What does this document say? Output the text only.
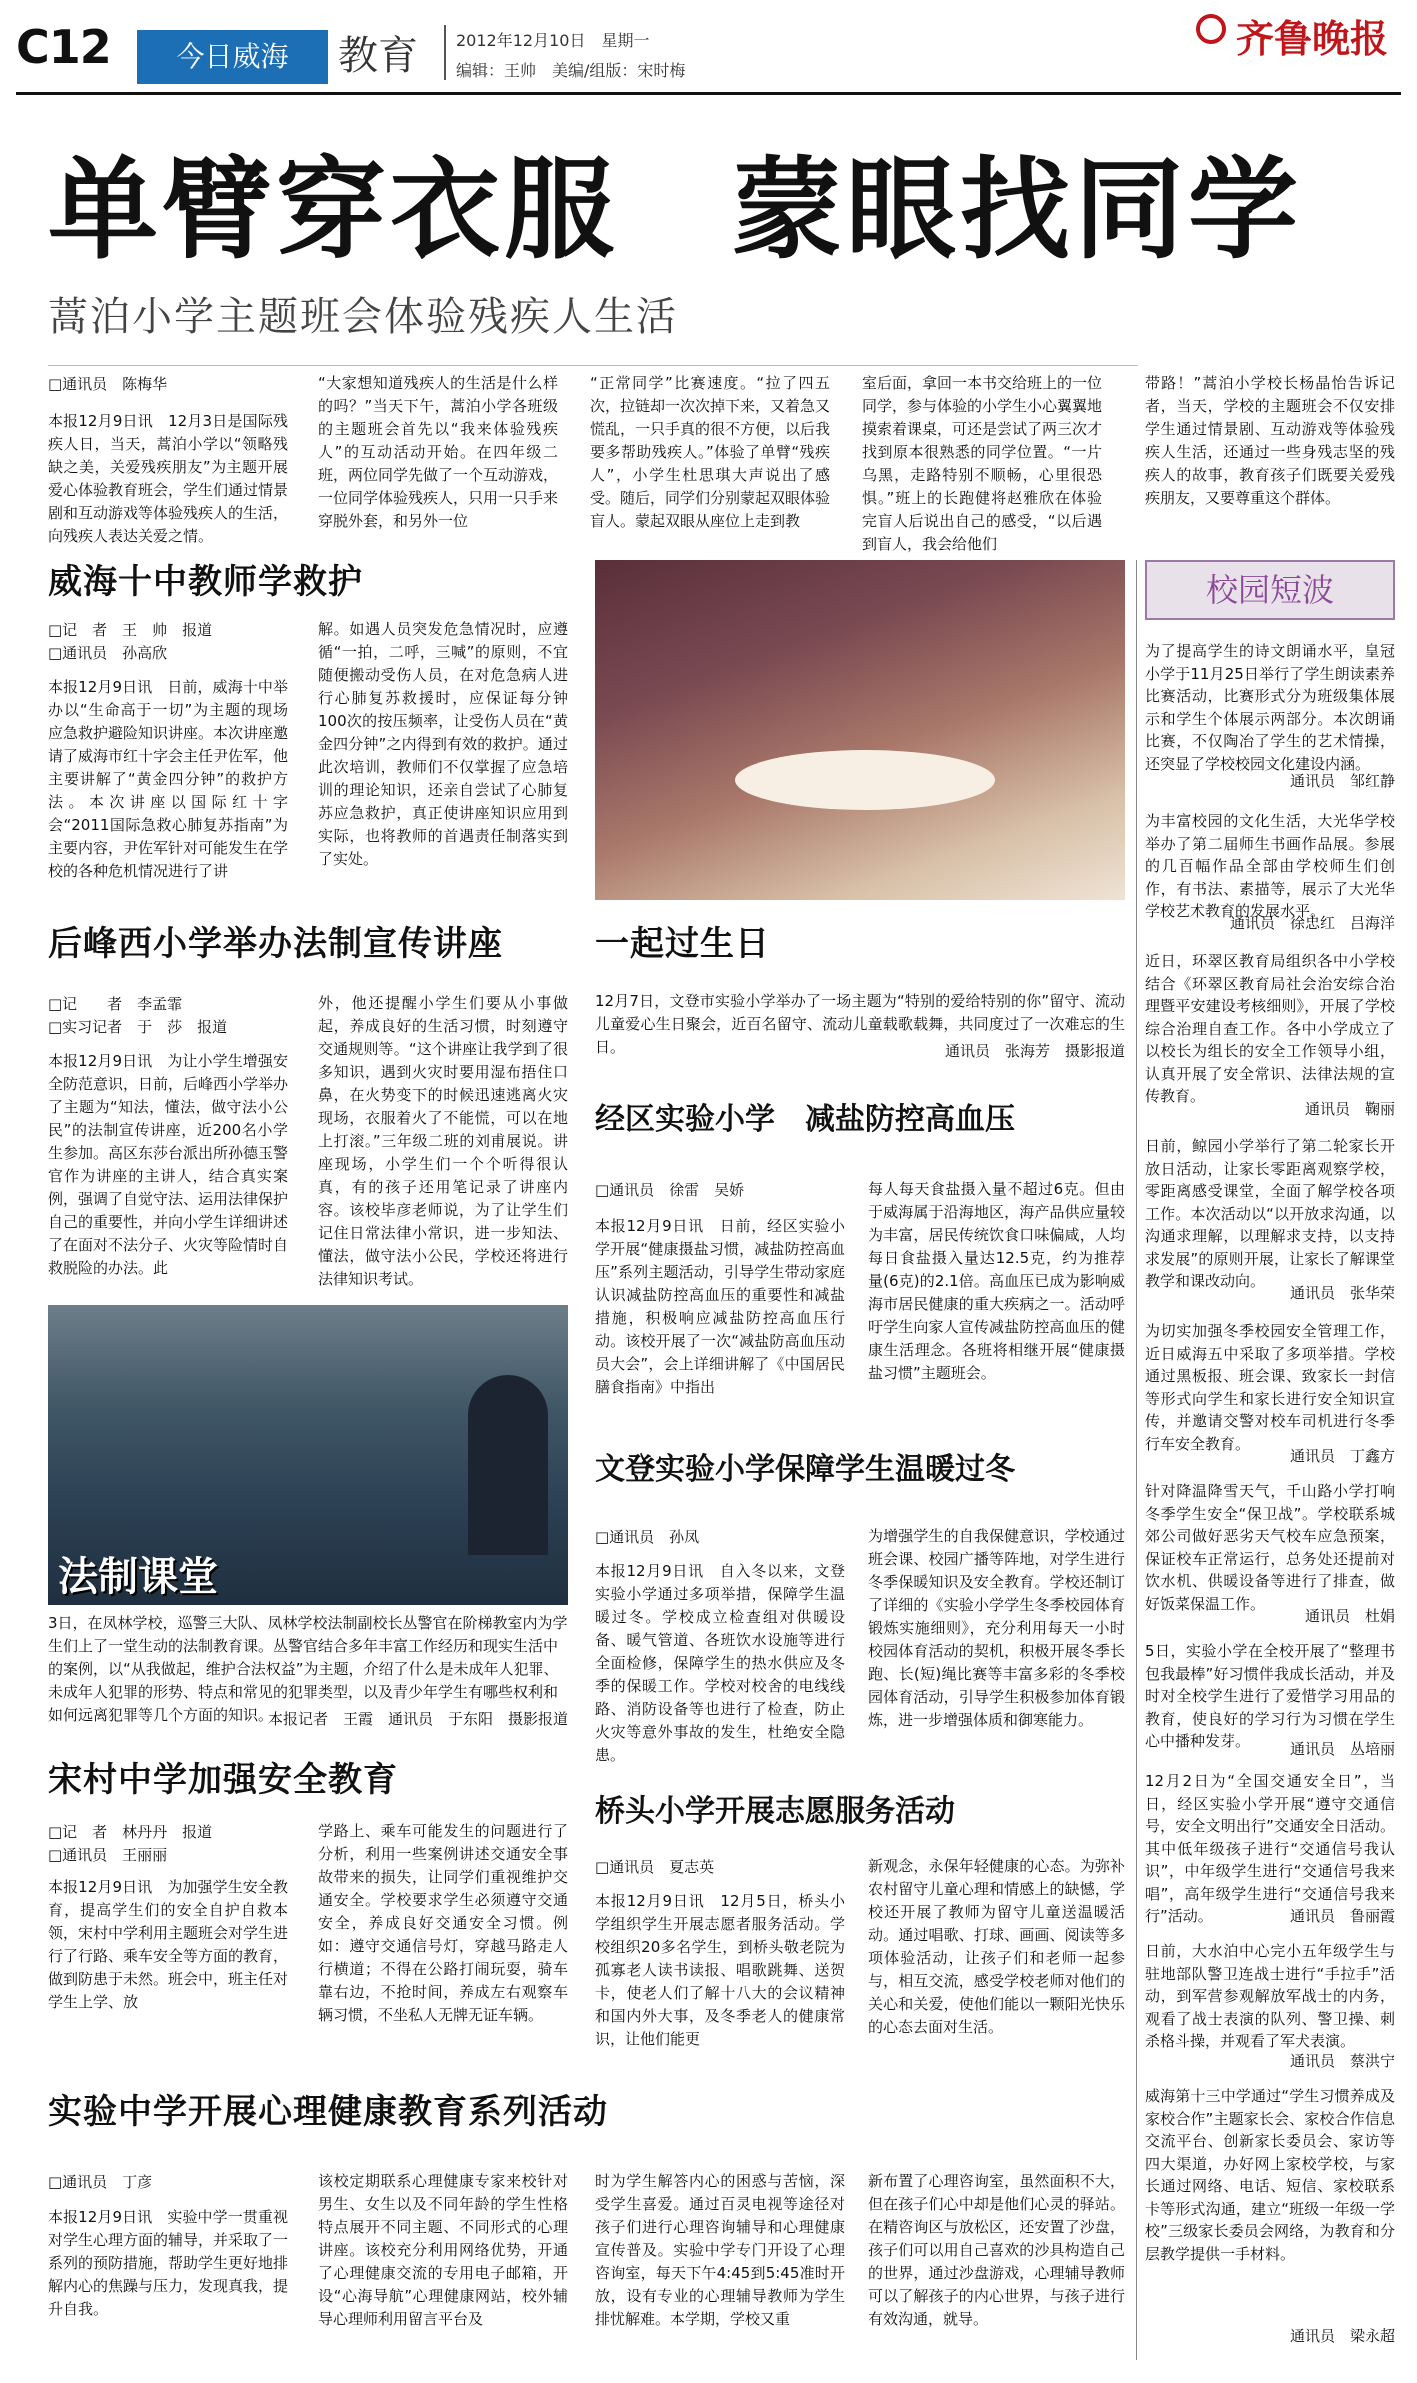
C12	今日威海	教育 2012年12月10日　星期一
编辑：王帅　美编/组版：宋时梅
齐鲁晚报
单臂穿衣服　蒙眼找同学
蒿泊小学主题班会体验残疾人生活
□通讯员　陈梅华
本报12月9日讯　12月3日是国际残疾人日，当天，蒿泊小学以“领略残缺之美，关爱残疾朋友”为主题开展爱心体验教育班会，学生们通过情景剧和互动游戏等体验残疾人的生活，向残疾人表达关爱之情。
“大家想知道残疾人的生活是什么样的吗？”当天下午，蒿泊小学各班级的主题班会首先以“我来体验残疾人”的互动活动开始。在四年级二班，两位同学先做了一个互动游戏，一位同学体验残疾人，只用一只手来穿脱外套，和另外一位
“正常同学”比赛速度。“拉了四五次，拉链却一次次掉下来，又着急又慌乱，一只手真的很不方便，以后我要多帮助残疾人。”体验了单臂“残疾人”，小学生杜思琪大声说出了感受。随后，同学们分别蒙起双眼体验盲人。蒙起双眼从座位上走到教
室后面，拿回一本书交给班上的一位同学，参与体验的小学生小心翼翼地摸索着课桌，可还是尝试了两三次才找到原本很熟悉的同学位置。“一片乌黑，走路特别不顺畅，心里很恐惧。”班上的长跑健将赵雅欣在体验完盲人后说出自己的感受，“以后遇到盲人，我会给他们
带路！”蒿泊小学校长杨晶怡告诉记者，当天，学校的主题班会不仅安排学生通过情景剧、互动游戏等体验残疾人生活，还通过一些身残志坚的残疾人的故事，教育孩子们既要关爱残疾朋友，又要尊重这个群体。
威海十中教师学救护
□记　者　王　帅　报道
□通讯员　孙高欣
本报12月9日讯　日前，威海十中举办以“生命高于一切”为主题的现场应急救护避险知识讲座。本次讲座邀请了威海市红十字会主任尹佐军，他主要讲解了“黄金四分钟”的救护方法。本次讲座以国际红十字会“2011国际急救心肺复苏指南”为主要内容，尹佐军针对可能发生在学校的各种危机情况进行了讲
解。如遇人员突发危急情况时，应遵循“一拍，二呼，三喊”的原则，不宜随便搬动受伤人员，在对危急病人进行心肺复苏救援时，应保证每分钟100次的按压频率，让受伤人员在“黄金四分钟”之内得到有效的救护。通过此次培训，教师们不仅掌握了应急培训的理论知识，还亲自尝试了心肺复苏应急救护，真正使讲座知识应用到实际，也将教师的首遇责任制落实到了实处。
后峰西小学举办法制宣传讲座
□记　　者　李孟霏
□实习记者　于　莎　报道
本报12月9日讯　为让小学生增强安全防范意识，日前，后峰西小学举办了主题为“知法，懂法，做守法小公民”的法制宣传讲座，近200名小学生参加。高区东莎台派出所孙德玉警官作为讲座的主讲人，结合真实案例，强调了自觉守法、运用法律保护自己的重要性，并向小学生详细讲述了在面对不法分子、火灾等险情时自救脱险的办法。此
外，他还提醒小学生们要从小事做起，养成良好的生活习惯，时刻遵守交通规则等。“这个讲座让我学到了很多知识，遇到火灾时要用湿布捂住口鼻，在火势变下的时候迅速逃离火灾现场，衣服着火了不能慌，可以在地上打滚。”三年级二班的刘甫展说。讲座现场，小学生们一个个听得很认真，有的孩子还用笔记录了讲座内容。该校毕彦老师说，为了让学生们记住日常法律小常识，进一步知法、懂法，做守法小公民，学校还将进行法律知识考试。
法制课堂
3日，在凤林学校，巡警三大队、凤林学校法制副校长丛警官在阶梯教室内为学生们上了一堂生动的法制教育课。丛警官结合多年丰富工作经历和现实生活中的案例，以“从我做起，维护合法权益”为主题，介绍了什么是未成年人犯罪、未成年人犯罪的形势、特点和常见的犯罪类型，以及青少年学生有哪些权利和如何远离犯罪等几个方面的知识。
本报记者　王霞　通讯员　于东阳　摄影报道
宋村中学加强安全教育
□记　者　林丹丹　报道
□通讯员　王丽丽
本报12月9日讯　为加强学生安全教育，提高学生们的安全自护自救本领，宋村中学利用主题班会对学生进行了行路、乘车安全等方面的教育，做到防患于未然。班会中，班主任对学生上学、放
学路上、乘车可能发生的问题进行了分析，利用一些案例讲述交通安全事故带来的损失，让同学们重视维护交通安全。学校要求学生必须遵守交通安全，养成良好交通安全习惯。例如：遵守交通信号灯，穿越马路走人行横道；不得在公路打闹玩耍，骑车靠右边，不抢时间，养成左右观察车辆习惯，不坐私人无牌无证车辆。
一起过生日
12月7日，文登市实验小学举办了一场主题为“特别的爱给特别的你”留守、流动儿童爱心生日聚会，近百名留守、流动儿童载歌载舞，共同度过了一次难忘的生日。	通讯员　张海芳　摄影报道
经区实验小学　减盐防控高血压
□通讯员　徐雷　吴娇
本报12月9日讯　日前，经区实验小学开展“健康摄盐习惯，减盐防控高血压”系列主题活动，引导学生带动家庭认识减盐防控高血压的重要性和减盐措施，积极响应减盐防控高血压行动。该校开展了一次“减盐防高血压动员大会”，会上详细讲解了《中国居民膳食指南》中指出
每人每天食盐摄入量不超过6克。但由于威海属于沿海地区，海产品供应量较为丰富，居民传统饮食口味偏咸，人均每日食盐摄入量达12.5克，约为推荐量(6克)的2.1倍。高血压已成为影响威海市居民健康的重大疾病之一。活动呼吁学生向家人宣传减盐防控高血压的健康生活理念。各班将相继开展“健康摄盐习惯”主题班会。
文登实验小学保障学生温暖过冬
□通讯员　孙凤
本报12月9日讯　自入冬以来，文登实验小学通过多项举措，保障学生温暖过冬。学校成立检查组对供暖设备、暖气管道、各班饮水设施等进行全面检修，保障学生的热水供应及冬季的保暖工作。学校对校舍的电线线路、消防设备等也进行了检查，防止火灾等意外事故的发生，杜绝安全隐患。
为增强学生的自我保健意识，学校通过班会课、校园广播等阵地，对学生进行冬季保暖知识及安全教育。学校还制订了详细的《实验小学学生冬季校园体育锻炼实施细则》，充分利用每天一小时校园体育活动的契机，积极开展冬季长跑、长(短)绳比赛等丰富多彩的冬季校园体育活动，引导学生积极参加体育锻炼，进一步增强体质和御寒能力。
桥头小学开展志愿服务活动
□通讯员　夏志英
本报12月9日讯　12月5日，桥头小学组织学生开展志愿者服务活动。学校组织20多名学生，到桥头敬老院为孤寡老人读书读报、唱歌跳舞、送贺卡，使老人们了解十八大的会议精神和国内外大事，及冬季老人的健康常识，让他们能更
新观念，永保年轻健康的心态。为弥补农村留守儿童心理和情感上的缺憾，学校还开展了教师为留守儿童送温暖活动。通过唱歌、打球、画画、阅读等多项体验活动，让孩子们和老师一起参与，相互交流，感受学校老师对他们的关心和关爱，使他们能以一颗阳光快乐的心态去面对生活。
实验中学开展心理健康教育系列活动
□通讯员　丁彦
本报12月9日讯　实验中学一贯重视对学生心理方面的辅导，并采取了一系列的预防措施，帮助学生更好地排解内心的焦躁与压力，发现真我，提升自我。
该校定期联系心理健康专家来校针对男生、女生以及不同年龄的学生性格特点展开不同主题、不同形式的心理讲座。该校充分利用网络优势，开通了心理健康交流的专用电子邮箱，开设“心海导航”心理健康网站，校外辅导心理师利用留言平台及
时为学生解答内心的困惑与苦恼，深受学生喜爱。通过百灵电视等途径对孩子们进行心理咨询辅导和心理健康宣传普及。实验中学专门开设了心理咨询室，每天下午4:45到5:45准时开放，设有专业的心理辅导教师为学生排忧解难。本学期，学校又重
新布置了心理咨询室，虽然面积不大，但在孩子们心中却是他们心灵的驿站。在精咨询区与放松区，还安置了沙盘，孩子们可以用自己喜欢的沙具构造自己的世界，通过沙盘游戏，心理辅导教师可以了解孩子的内心世界，与孩子进行有效沟通，就导。
校园短波
为了提高学生的诗文朗诵水平，皇冠小学于11月25日举行了学生朗读素养比赛活动，比赛形式分为班级集体展示和学生个体展示两部分。本次朗诵比赛，不仅陶冶了学生的艺术情操，还突显了学校校园文化建设内涵。
通讯员　邹红静
为丰富校园的文化生活，大光华学校举办了第二届师生书画作品展。参展的几百幅作品全部由学校师生们创作，有书法、素描等，展示了大光华学校艺术教育的发展水平。
通讯员　徐忠红　吕海洋
近日，环翠区教育局组织各中小学校结合《环翠区教育局社会治安综合治理暨平安建设考核细则》，开展了学校综合治理自查工作。各中小学成立了以校长为组长的安全工作领导小组，认真开展了安全常识、法律法规的宣传教育。
通讯员　鞠丽
日前，鲸园小学举行了第二轮家长开放日活动，让家长零距离观察学校，零距离感受课堂，全面了解学校各项工作。本次活动以“以开放求沟通，以沟通求理解，以理解求支持，以支持求发展”的原则开展，让家长了解课堂教学和课改动向。
通讯员　张华荣
为切实加强冬季校园安全管理工作，近日威海五中采取了多项举措。学校通过黑板报、班会课、致家长一封信等形式向学生和家长进行安全知识宣传，并邀请交警对校车司机进行冬季行车安全教育。
通讯员　丁鑫方
针对降温降雪天气，千山路小学打响冬季学生安全“保卫战”。学校联系城郊公司做好恶劣天气校车应急预案，保证校车正常运行，总务处还提前对饮水机、供暖设备等进行了排查，做好饭菜保温工作。
通讯员　杜娟
5日，实验小学在全校开展了“整理书包我最棒”好习惯伴我成长活动，并及时对全校学生进行了爱惜学习用品的教育，使良好的学习行为习惯在学生心中播种发芽。	通讯员　丛培丽
12月2日为“全国交通安全日”，当日，经区实验小学开展“遵守交通信号，安全文明出行”交通安全日活动。其中低年级孩子进行“交通信号我认识”，中年级学生进行“交通信号我来唱”，高年级学生进行“交通信号我来行”活动。	通讯员　鲁丽霞
日前，大水泊中心完小五年级学生与驻地部队警卫连战士进行“手拉手”活动，到军营参观解放军战士的内务，观看了战士表演的队列、警卫操、刺杀格斗操，并观看了军犬表演。
通讯员　蔡洪宁
威海第十三中学通过“学生习惯养成及家校合作”主题家长会、家校合作信息交流平台、创新家长委员会、家访等四大渠道，办好网上家校学校，与家长通过网络、电话、短信、家校联系卡等形式沟通，建立“班级一年级一学校”三级家长委员会网络，为教育和分层教学提供一手材料。
通讯员　梁永超
